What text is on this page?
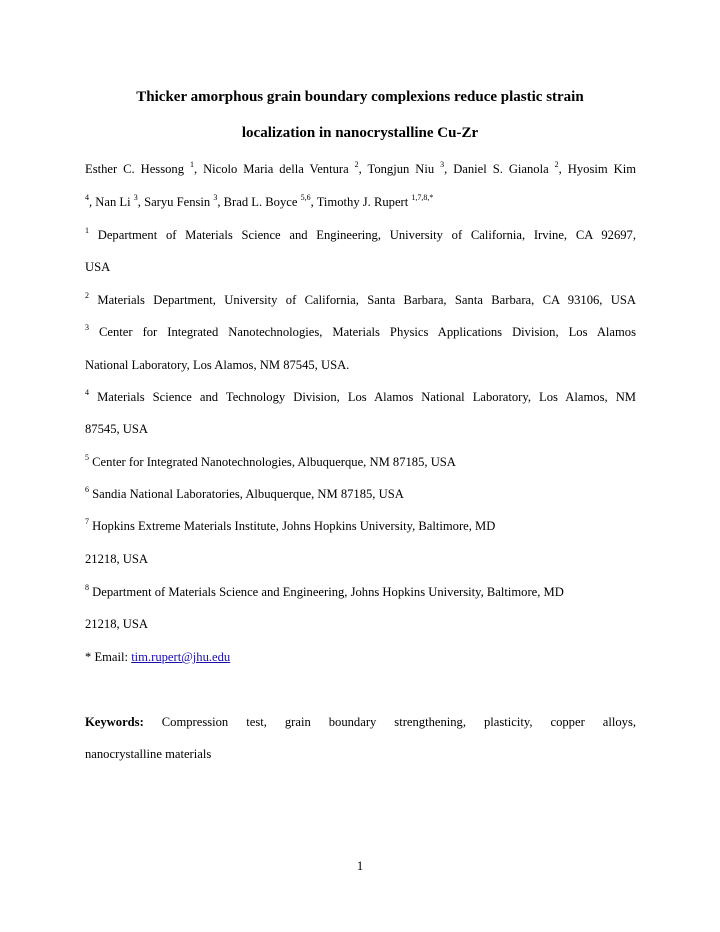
Thicker amorphous grain boundary complexions reduce plastic strain
localization in nanocrystalline Cu-Zr
Esther C. Hessong $^1$, Nicolo Maria della Ventura $^2$, Tongjun Niu $^3$, Daniel S. Gianola $^2$, Hyosim Kim
$^4$, Nan Li $^3$, Saryu Fensin $^3$, Brad L. Boyce $^{5,6}$, Timothy J. Rupert $^{1,7,8,*}$
$^1$ Department of Materials Science and Engineering, University of California, Irvine, CA 92697,
USA
$^2$ Materials Department, University of California, Santa Barbara, Santa Barbara, CA 93106, USA
$^3$ Center for Integrated Nanotechnologies, Materials Physics Applications Division, Los Alamos
National Laboratory, Los Alamos, NM 87545, USA.
$^4$ Materials Science and Technology Division, Los Alamos National Laboratory, Los Alamos, NM
87545, USA
$^5$ Center for Integrated Nanotechnologies, Albuquerque, NM 87185, USA
$^6$ Sandia National Laboratories, Albuquerque, NM 87185, USA
$^7$ Hopkins Extreme Materials Institute, Johns Hopkins University, Baltimore, MD
21218, USA
$^8$ Department of Materials Science and Engineering, Johns Hopkins University, Baltimore, MD
21218, USA
* Email: tim.rupert@jhu.edu
Keywords: Compression test, grain boundary strengthening, plasticity, copper alloys,
nanocrystalline materials
1
